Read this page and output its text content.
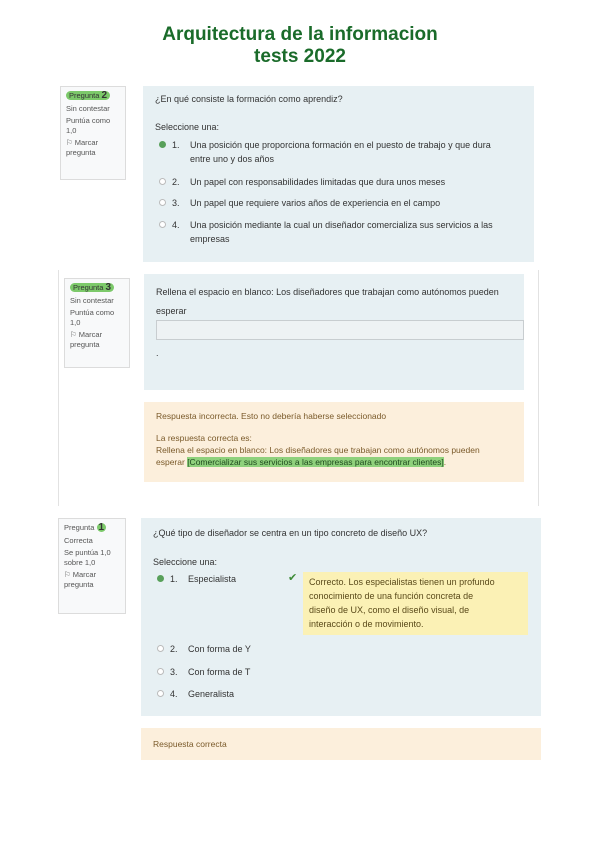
Arquitectura de la informacion
tests 2022
Pregunta 2
Sin contestar
Puntúa como
1,0
⚐ Marcar
pregunta
¿En qué consiste la formación como aprendiz?
Seleccione una:
1.	Una posición que proporciona formación en el puesto de trabajo y que dura
entre uno y dos años
2.	Un papel con responsabilidades limitadas que dura unos meses
3.	Un papel que requiere varios años de experiencia en el campo
4.	Una posición mediante la cual un diseñador comercializa sus servicios a las
empresas
Pregunta 3
Sin contestar
Puntúa como
1,0
⚐ Marcar
pregunta
Rellena el espacio en blanco: Los diseñadores que trabajan como autónomos pueden
esperar
.
Respuesta incorrecta. Esto no debería haberse seleccionado
La respuesta correcta es:
Rellena el espacio en blanco: Los diseñadores que trabajan como autónomos pueden
esperar [Comercializar sus servicios a las empresas para encontrar clientes].
Pregunta 1
Correcta
Se puntúa 1,0
sobre 1,0
⚐ Marcar
pregunta
¿Qué tipo de diseñador se centra en un tipo concreto de diseño UX?
Seleccione una:
1.	Especialista	✔	Correcto. Los especialistas tienen un profundo
conocimiento de una función concreta de
diseño de UX, como el diseño visual, de
interacción o de movimiento.
2.	Con forma de Y
3.	Con forma de T
4.	Generalista
Respuesta correcta
